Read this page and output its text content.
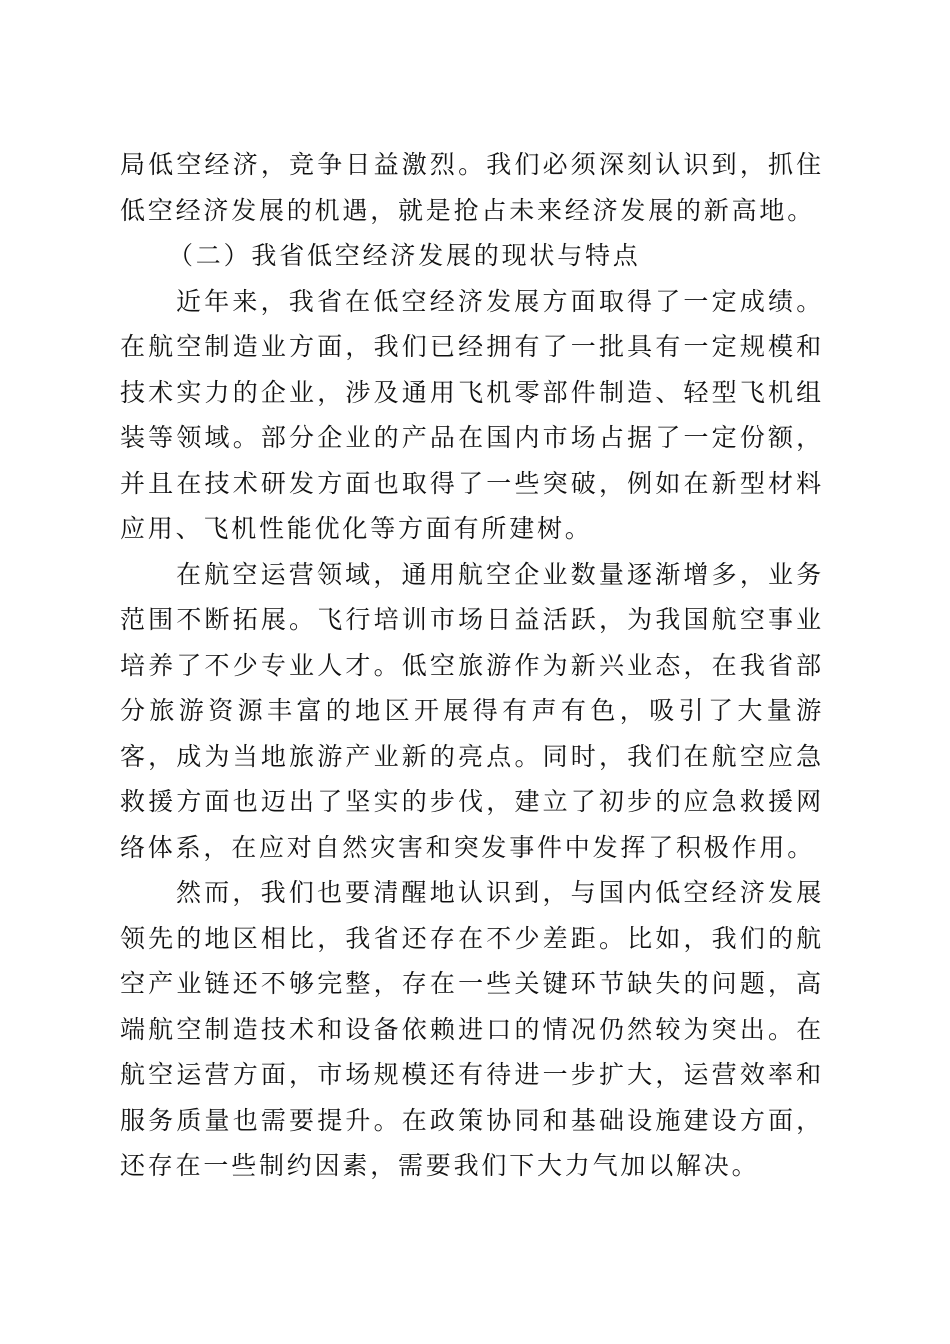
局低空经济，竞争日益激烈。我们必须深刻认识到，抓住低空经济发展的机遇，就是抢占未来经济发展的新高地。

（二）我省低空经济发展的现状与特点

近年来，我省在低空经济发展方面取得了一定成绩。在航空制造业方面，我们已经拥有了一批具有一定规模和技术实力的企业，涉及通用飞机零部件制造、轻型飞机组装等领域。部分企业的产品在国内市场占据了一定份额，并且在技术研发方面也取得了一些突破，例如在新型材料应用、飞机性能优化等方面有所建树。

在航空运营领域，通用航空企业数量逐渐增多，业务范围不断拓展。飞行培训市场日益活跃，为我国航空事业培养了不少专业人才。低空旅游作为新兴业态，在我省部分旅游资源丰富的地区开展得有声有色，吸引了大量游客，成为当地旅游产业新的亮点。同时，我们在航空应急救援方面也迈出了坚实的步伐，建立了初步的应急救援网络体系，在应对自然灾害和突发事件中发挥了积极作用。

然而，我们也要清醒地认识到，与国内低空经济发展领先的地区相比，我省还存在不少差距。比如，我们的航空产业链还不够完整，存在一些关键环节缺失的问题，高端航空制造技术和设备依赖进口的情况仍然较为突出。在航空运营方面，市场规模还有待进一步扩大，运营效率和服务质量也需要提升。在政策协同和基础设施建设方面，还存在一些制约因素，需要我们下大力气加以解决。
